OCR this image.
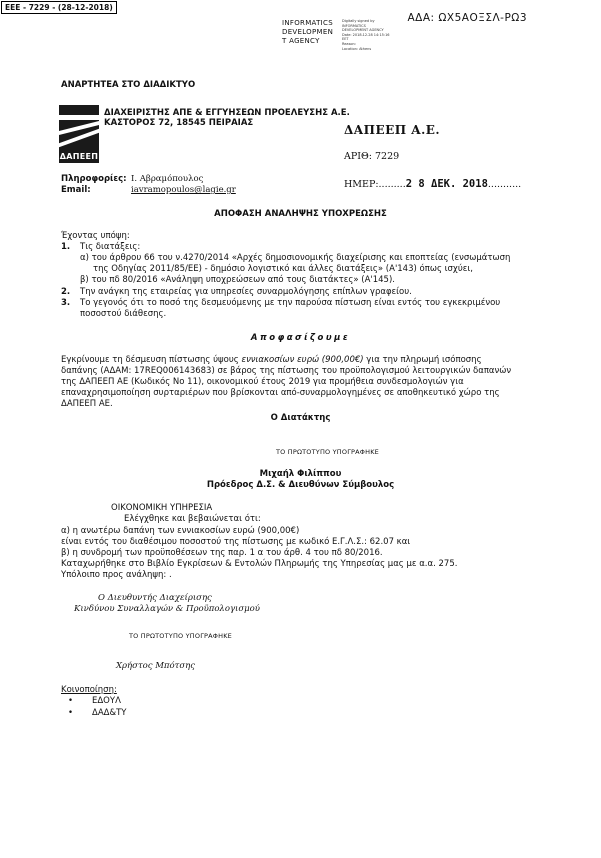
ΕΕΕ - 7229 - (28-12-2018)
ΑΔΑ: ΩΧ5ΑΟΞΣΛ-ΡΩ3
INFORMATICS
DEVELOPMEN
T AGENCY
Digitally signed by
INFORMATICS
DEVELOPMENT AGENCY
Date: 2018.12.28 14:15:16
EET
Reason:
Location: Athens
ΑΝΑΡΤΗΤΕΑ ΣΤΟ ΔΙΑΔΙΚΤΥΟ
ΔΑΠΕΕΠ
ΔΙΑΧΕΙΡΙΣΤΗΣ ΑΠΕ & ΕΓΓΥΗΣΕΩΝ ΠΡΟΕΛΕΥΣΗΣ Α.Ε.
ΚΑΣΤΟΡΟΣ 72, 18545 ΠΕΙΡΑΙΑΣ	ΔΑΠΕΕΠ Α.Ε.
ΑΡΙΘ: 7229
Πληροφορίες: Ι. Αβραμόπουλος
Email:	iavramopoulos@lagie.gr	ΗΜΕΡ:.........2 8 ΔΕΚ. 2018...........
ΑΠΟΦΑΣΗ ΑΝΑΛΗΨΗΣ ΥΠΟΧΡΕΩΣΗΣ
Έχοντας υπόψη:
1. Τις διατάξεις:
α) του άρθρου 66 του ν.4270/2014 «Αρχές δημοσιονομικής διαχείρισης και εποπτείας (ενσωμάτωση
της Οδηγίας 2011/85/ΕΕ) - δημόσιο λογιστικό και άλλες διατάξεις» (Α'143) όπως ισχύει,
β) του πδ 80/2016 «Ανάληψη υποχρεώσεων από τους διατάκτες» (Α'145).
2. Την ανάγκη της εταιρείας για υπηρεσίες συναρμολόγησης επίπλων γραφείου.
3. Το γεγονός ότι το ποσό της δεσμευόμενης με την παρούσα πίστωση είναι εντός του εγκεκριμένου
ποσοστού διάθεσης.
Αποφασίζουμε
Εγκρίνουμε τη δέσμευση πίστωσης ύψους εννιακοσίων ευρώ (900,00€) για την πληρωμή ισόποσης
δαπάνης (ΑΔΑΜ: 17REQ006143683) σε βάρος της πίστωσης του προϋπολογισμού λειτουργικών δαπανών
της ΔΑΠΕΕΠ ΑΕ (Κωδικός Νο 11), οικονομικού έτους 2019 για προμήθεια συνδεσμολογιών για
επαναχρησιμοποίηση συρταριέρων που βρίσκονται από-συναρμολογημένες σε αποθηκευτικό χώρο της
ΔΑΠΕΕΠ ΑΕ.
Ο Διατάκτης
ΤΟ ΠΡΩΤΟΤΥΠΟ ΥΠΟΓΡΑΦΗΚΕ
Μιχαήλ Φιλίππου
Πρόεδρος Δ.Σ. & Διευθύνων Σύμβουλος
ΟΙΚΟΝΟΜΙΚΗ ΥΠΗΡΕΣΙΑ
Ελέγχθηκε και βεβαιώνεται ότι:
α) η ανωτέρω δαπάνη των εννιακοσίων ευρώ (900,00€)
είναι εντός του διαθέσιμου ποσοστού της πίστωσης με κωδικό Ε.Γ.Λ.Σ.: 62.07 και
β) η συνδρομή των προϋποθέσεων της παρ. 1 α του άρθ. 4 του πδ 80/2016.
Καταχωρήθηκε στο Βιβλίο Εγκρίσεων & Εντολών Πληρωμής της Υπηρεσίας μας με α.α. 275.
Υπόλοιπο προς ανάληψη: .
Ο Διευθυντής Διαχείρισης
Κινδύνου Συναλλαγών & Προϋπολογισμού
ΤΟ ΠΡΩΤΟΤΥΠΟ ΥΠΟΓΡΑΦΗΚΕ
Χρήστος Μπότσης
Κοινοποίηση:
• ΕΔΟΥΛ
• ΔΑΔ&ΤΥ
